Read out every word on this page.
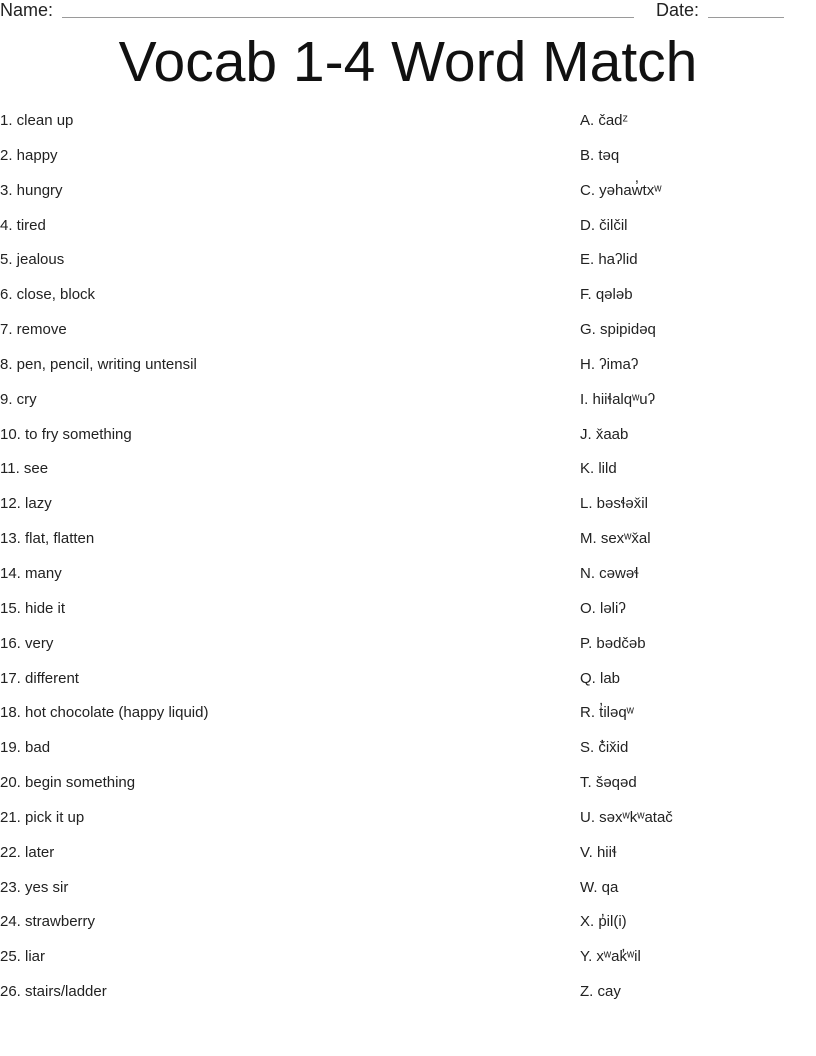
Name:	Date:
Vocab 1-4 Word Match
1. clean up
2. happy
3. hungry
4. tired
5. jealous
6. close, block
7. remove
8. pen, pencil, writing untensil
9. cry
10. to fry something
11. see
12. lazy
13. flat, flatten
14. many
15. hide it
16. very
17. different
18. hot chocolate (happy liquid)
19. bad
20. begin something
21. pick it up
22. later
23. yes sir
24. strawberry
25. liar
26. stairs/ladder
A. čadᶻ
B. təq
C. yəhaw̓txʷ
D. čilčil
E. haʔlid
F. qələb
G. spipidəq
H. ʔimaʔ
I. hiiɬalqʷuʔ
J. x̌aab
K. lild
L. bəsɬəx̌il
M. sexʷx̌al
N. cəwəɬ
O. ləliʔ
P. bədčəb
Q. lab
R. t̓iləqʷ
S. č̓ix̌id
T. šəqəd
U. səxʷkʷatač
V. hiiɬ
W. qa
X. p̓il(i)
Y. xʷak̓ʷil
Z. cay
